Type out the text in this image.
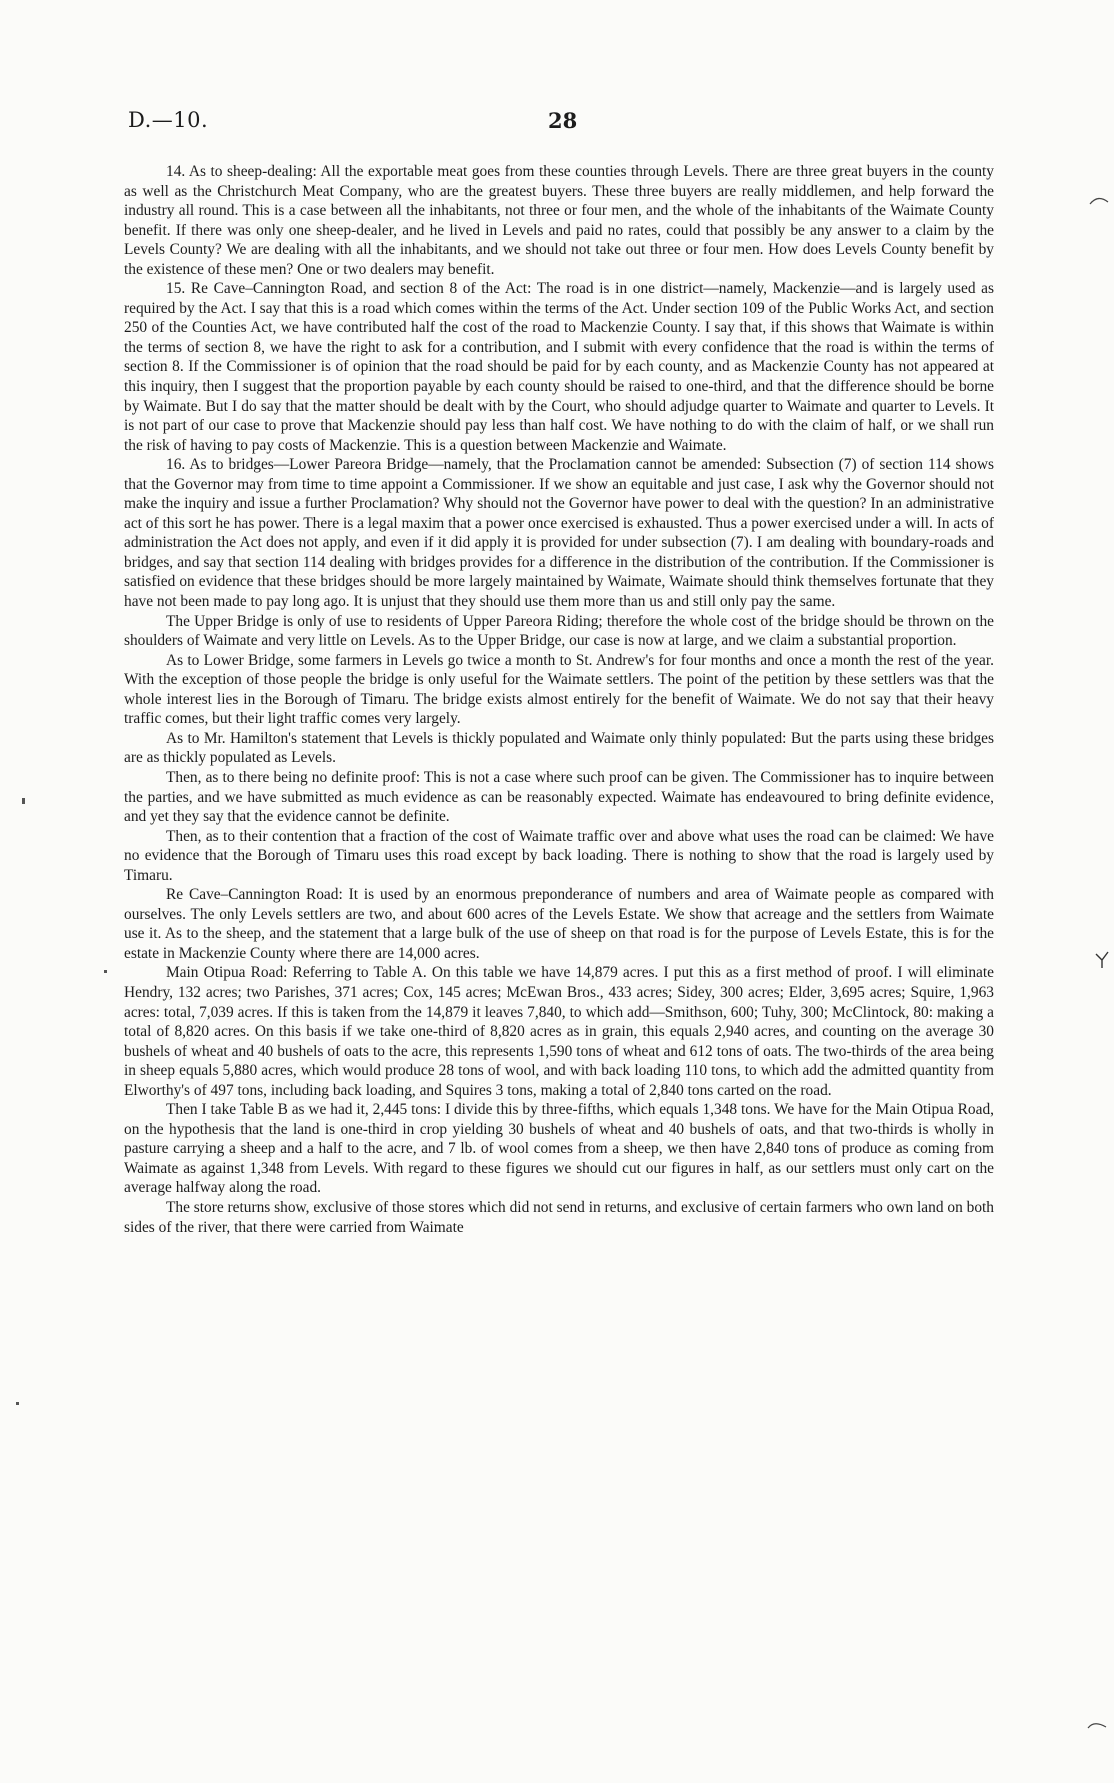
D.—10.	28

14. As to sheep-dealing: All the exportable meat goes from these counties through Levels. There are three great buyers in the county as well as the Christchurch Meat Company, who are the greatest buyers. These three buyers are really middlemen, and help forward the industry all round. This is a case between all the inhabitants, not three or four men, and the whole of the inhabitants of the Waimate County benefit. If there was only one sheep-dealer, and he lived in Levels and paid no rates, could that possibly be any answer to a claim by the Levels County? We are dealing with all the inhabitants, and we should not take out three or four men. How does Levels County benefit by the existence of these men? One or two dealers may benefit.

15. Re Cave–Cannington Road, and section 8 of the Act: The road is in one district—namely, Mackenzie—and is largely used as required by the Act. I say that this is a road which comes within the terms of the Act. Under section 109 of the Public Works Act, and section 250 of the Counties Act, we have contributed half the cost of the road to Mackenzie County. I say that, if this shows that Waimate is within the terms of section 8, we have the right to ask for a contribution, and I submit with every confidence that the road is within the terms of section 8. If the Commissioner is of opinion that the road should be paid for by each county, and as Mackenzie County has not appeared at this inquiry, then I suggest that the proportion payable by each county should be raised to one-third, and that the difference should be borne by Waimate. But I do say that the matter should be dealt with by the Court, who should adjudge quarter to Waimate and quarter to Levels. It is not part of our case to prove that Mackenzie should pay less than half cost. We have nothing to do with the claim of half, or we shall run the risk of having to pay costs of Mackenzie. This is a question between Mackenzie and Waimate.

16. As to bridges—Lower Pareora Bridge—namely, that the Proclamation cannot be amended: Subsection (7) of section 114 shows that the Governor may from time to time appoint a Commissioner. If we show an equitable and just case, I ask why the Governor should not make the inquiry and issue a further Proclamation? Why should not the Governor have power to deal with the question? In an administrative act of this sort he has power. There is a legal maxim that a power once exercised is exhausted. Thus a power exercised under a will. In acts of administration the Act does not apply, and even if it did apply it is provided for under subsection (7). I am dealing with boundary-roads and bridges, and say that section 114 dealing with bridges provides for a difference in the distribution of the contribution. If the Commissioner is satisfied on evidence that these bridges should be more largely maintained by Waimate, Waimate should think themselves fortunate that they have not been made to pay long ago. It is unjust that they should use them more than us and still only pay the same.

The Upper Bridge is only of use to residents of Upper Pareora Riding; therefore the whole cost of the bridge should be thrown on the shoulders of Waimate and very little on Levels. As to the Upper Bridge, our case is now at large, and we claim a substantial proportion.

As to Lower Bridge, some farmers in Levels go twice a month to St. Andrew's for four months and once a month the rest of the year. With the exception of those people the bridge is only useful for the Waimate settlers. The point of the petition by these settlers was that the whole interest lies in the Borough of Timaru. The bridge exists almost entirely for the benefit of Waimate. We do not say that their heavy traffic comes, but their light traffic comes very largely.

As to Mr. Hamilton's statement that Levels is thickly populated and Waimate only thinly populated: But the parts using these bridges are as thickly populated as Levels.

Then, as to there being no definite proof: This is not a case where such proof can be given. The Commissioner has to inquire between the parties, and we have submitted as much evidence as can be reasonably expected. Waimate has endeavoured to bring definite evidence, and yet they say that the evidence cannot be definite.

Then, as to their contention that a fraction of the cost of Waimate traffic over and above what uses the road can be claimed: We have no evidence that the Borough of Timaru uses this road except by back loading. There is nothing to show that the road is largely used by Timaru.

Re Cave–Cannington Road: It is used by an enormous preponderance of numbers and area of Waimate people as compared with ourselves. The only Levels settlers are two, and about 600 acres of the Levels Estate. We show that acreage and the settlers from Waimate use it. As to the sheep, and the statement that a large bulk of the use of sheep on that road is for the purpose of Levels Estate, this is for the estate in Mackenzie County where there are 14,000 acres.

Main Otipua Road: Referring to Table A. On this table we have 14,879 acres. I put this as a first method of proof. I will eliminate Hendry, 132 acres; two Parishes, 371 acres; Cox, 145 acres; McEwan Bros., 433 acres; Sidey, 300 acres; Elder, 3,695 acres; Squire, 1,963 acres: total, 7,039 acres. If this is taken from the 14,879 it leaves 7,840, to which add—Smithson, 600; Tuhy, 300; McClintock, 80: making a total of 8,820 acres. On this basis if we take one-third of 8,820 acres as in grain, this equals 2,940 acres, and counting on the average 30 bushels of wheat and 40 bushels of oats to the acre, this represents 1,590 tons of wheat and 612 tons of oats. The two-thirds of the area being in sheep equals 5,880 acres, which would produce 28 tons of wool, and with back loading 110 tons, to which add the admitted quantity from Elworthy's of 497 tons, including back loading, and Squires 3 tons, making a total of 2,840 tons carted on the road.

Then I take Table B as we had it, 2,445 tons: I divide this by three-fifths, which equals 1,348 tons. We have for the Main Otipua Road, on the hypothesis that the land is one-third in crop yielding 30 bushels of wheat and 40 bushels of oats, and that two-thirds is wholly in pasture carrying a sheep and a half to the acre, and 7 lb. of wool comes from a sheep, we then have 2,840 tons of produce as coming from Waimate as against 1,348 from Levels. With regard to these figures we should cut our figures in half, as our settlers must only cart on the average halfway along the road.

The store returns show, exclusive of those stores which did not send in returns, and exclusive of certain farmers who own land on both sides of the river, that there were carried from Waimate
